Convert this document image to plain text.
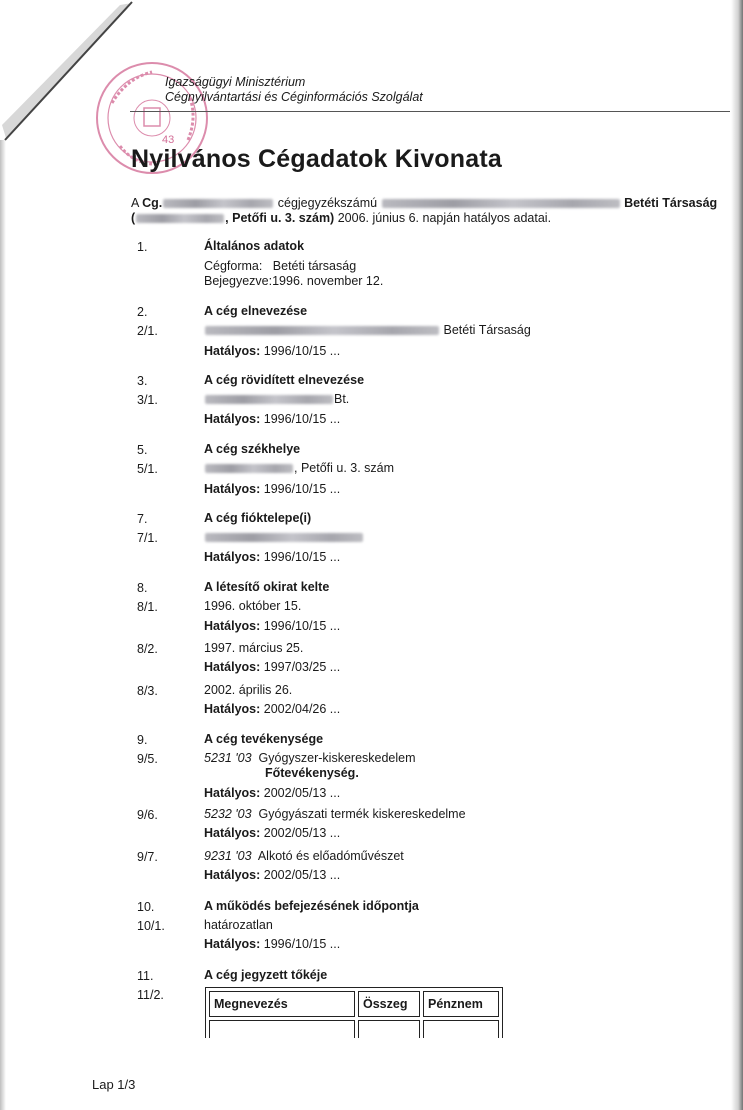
43
Igazságügyi Minisztérium
Cégnyilvántartási és Céginformációs Szolgálat
Nyilvános Cégadatok Kivonata
A Cg.	cégjegyzékszámú	Betéti Társaság
(	, Petőfi u. 3. szám) 2006. június 6. napján hatályos adatai.
1.	Általános adatok
Cégforma: Betéti társaság
Bejegyezve:1996. november 12.
2.	A cég elnevezése
2/1.	Betéti Társaság
Hatályos: 1996/10/15 ...
3.	A cég rövidített elnevezése
3/1.	Bt.
Hatályos: 1996/10/15 ...
5.	A cég székhelye
5/1.	, Petőfi u. 3. szám
Hatályos: 1996/10/15 ...
7.	A cég fióktelepe(i)
7/1.
Hatályos: 1996/10/15 ...
8.	A létesítő okirat kelte
8/1.	1996. október 15.
Hatályos: 1996/10/15 ...
8/2.	1997. március 25.
Hatályos: 1997/03/25 ...
8/3.	2002. április 26.
Hatályos: 2002/04/26 ...
9.	A cég tevékenysége
9/5.	5231 '03 Gyógyszer-kiskereskedelem
Főtevékenység.
Hatályos: 2002/05/13 ...
9/6.	5232 '03 Gyógyászati termék kiskereskedelme
Hatályos: 2002/05/13 ...
9/7.	9231 '03 Alkotó és előadóművészet
Hatályos: 2002/05/13 ...
10.	A működés befejezésének időpontja
10/1.	határozatlan
Hatályos: 1996/10/15 ...
11.	A cég jegyzett tőkéje
11/2.
Megnevezés	Összeg	Pénznem

Lap 1/3
